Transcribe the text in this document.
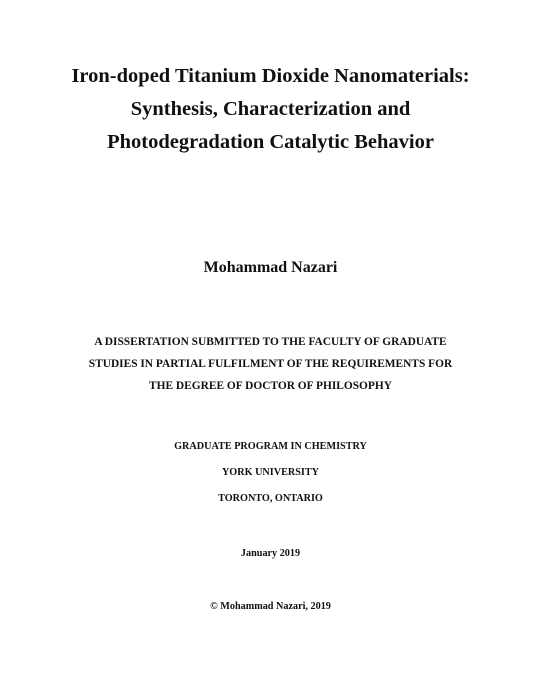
Iron-doped Titanium Dioxide Nanomaterials:
Synthesis, Characterization and
Photodegradation Catalytic Behavior
Mohammad Nazari
A DISSERTATION SUBMITTED TO THE FACULTY OF GRADUATE
STUDIES IN PARTIAL FULFILMENT OF THE REQUIREMENTS FOR
THE DEGREE OF DOCTOR OF PHILOSOPHY
GRADUATE PROGRAM IN CHEMISTRY
YORK UNIVERSITY
TORONTO, ONTARIO
January 2019
© Mohammad Nazari, 2019
